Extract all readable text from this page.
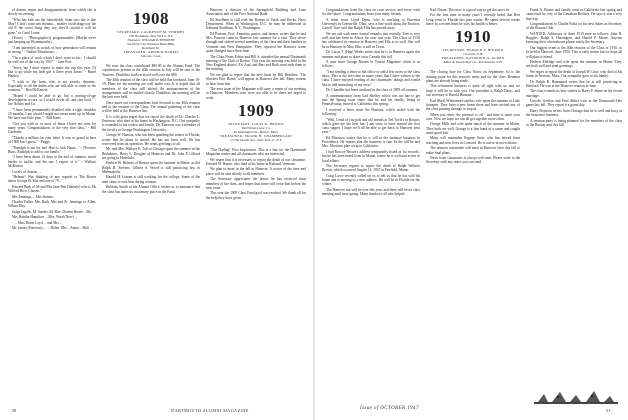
of dozens report and disappointment, from which she is slowly recovering.

"Who has kids are the Satterfields, from one; she is due May? I don't want any rheuma... mother tooth-drags-say the old P, the worst thing they say...they'll...would it will be gone." to Carol Lorne.

(Yours) ... "Photographicly programmable. (Maybe we're just keeping up Wormmonths).

"I am interested in switch of how generation will remain in wrong." - Nadine Moorhouse, ...

"On a place of work which I don't want to stir... I should be well out of the way by 1957." - Jane Pew.

"Sorry, but I don't expect to make the trip this year. I'd like to go while my little girl is three years home." - Hazel Hartley.

"I wish to the farm, who is not exactly dynamic. Especially to all the dudes who are still able to come to the reunions." - Ben McKenzie.

"Hoped I could be able to go, but a coming-of-age development occurs, so I would rustle all, and stay back." - Joe Nobles and Co.

"I have been permanently disabled with a right shoulder 10 months, I am afraid I might not mean meet up in Maine. We have one little pine." - Bill Jones.

"Got you with us or most of those I have not seen for many years. Congratulations to the very fine class." - Bill Gardener.

"Thanks a million for your letter. It was so grand to hear of 1908 but I guess." - Peggy.

"Rudolph is not for me! Had to Jack Hasse..." - Florence Butts. Rudolph to add to our family."

"I have been about 14 days at the end of summer, much harder to tackle, and the one I expect of it." - Wallace McBarron.

Lovely of dozens, ...

"Helmut? Was thinking of any regards to The Roster about George B. Kirt and one to 79..."

Edward Bark of 58 and Mrs Jane Ben Dabbs(e) who is Mr Wilfred Rice. Chosen."

Mrs Jennings ... Mrs Stomer.

Charles Fuller, Mrs Ruth, Mrs and Fr. Jennings to Allen, Wilma May.

Judge Ingalls, M. Sander, M. Bier, Doreen Horne... Mr...

Mrs Hamlin Hamilton ... Mrs. Ward (New) ...

- ... Miss Diane Loyd ... and Mrs...

Mr. James (Paterson) ... ... Helen. Mrs... Annie... Hall ...

1908
SECRETARY, LAURENCE M. SYMMES
100 Broadway, New York 5, N.Y.
Treasurer, WILLIAM P. KENNEDY
Six Point City National Bank Bldg.
Rockford, Ill.
TREASURER, ARTHUR HARRIS
Lincoln, Conn.

We trust the class contributed $90.00 to the Alumni Fund. The contributors present at the 40th reunion in July will be sent to the Trustees. Doubtless both received well over the $90.

The 40th reunion of the class will be held this weekend, June 18-19. Plans for the meeting are well under way. It is hoped that all members of the class will attend. An announcement of the arrangements will be mailed shortly. Doubtless the meeting will be the best ever held.

Once more our correspondents look forward to our 40th reunion and to the reunion of the Class. The annual gathering of the class will be held at the Hanover Inn.

It is with great regret that we report the death of Dr. Charles L. Emerson, who died at his home in Washington, D.C. Our sympathy is extended to his widow and family. Dr. Emerson was a member of the faculty at George Washington University.

George W. Hanson, who has been spending the winter in Florida, writes that he plans to attend. He has not been well. He has recovered from an operation. He sends greetings to all.

Mr. and Mrs. Wallace E. Taft of Chicago spent the summer in the Berkshires. Harry L. Douglas of Hanover and Dr. John P. Gilford are going to Honolulu.

Herbert W. Holmes of Boston spent the summer in Maine, as did Ralph B. Stevens. Gilbert S. Wood is still practicing law in Minneapolis.

Harold H. Lyman is still working for the college. Some of the men came to visit him during reunion.

Robbins Smith of the Alumni Office wishes us to announce that the class has taken its customary place in the Fund.

Hanover, a director of the Springfield Building and Loan Association and of the First National Bank.

Ed Stoelhum is still with the Bureau of Yards and Docks, Navy Department. When in Washington, D.C. he may be addressed as Edmund Stoelhum, N.Y., Washington.

Ed Parsons, Prof. Emeritus, pastor, and farmer, writes that he and Mrs. Parsons came to Hanover last summer for a visit. They drove through and visited several members of the class and their families in Vermont and New Hampshire. They reported the Hanover scene quite changed since their time.

The Class Notes Editor and Bill Jr. attended the annual Dartmouth meeting of the Club of Boston. This year the meeting was held in the New England district. Ed, Aud, and Bert and Ruth went with them to the meeting.

We are glad to report that the new book by Bill Beaulieu, 'The Shortest Way Home,' will appear in Hanover this fall. Many returns to hear from him.

The next issue of the Magazine will carry a report of our meeting in Hanover. Members who were not able to be there are urged to write.

1909
SECRETARY, LOUIS K. BROWN
Wall Street Lease Co.
40 Washington St., Boston, Mass.
TREASURER, FRANK H. CHAMBERLAIN
17 Dartmouth Ave., New York 17, N.Y.

"Our Darling" First Impression. This is a line for the Dartmouth Magazine reader and all classmates who are interested.

We regret that it is necessary to report the death of our classmate, Edward W. Hazen, who died at his home in Rutland, Vermont.

We plan to meet in the fall at Hanover. A notice of the time and place will be sent shortly to all members.

The Secretary appreciates the letters he has received from members of the class, and hopes that more will write him before the next issue.

This year the 1909 Class Fund goal was reached. We thank all for the help they have given.

Congratulations from the class on your service, and every wish for the future. Congratulations from your many friends.

A letter from Lloyd Dunn, who is teaching at Emerson University in Greenville, Ohio, says a fine word about the Rockies. Carroll Toye said that Ralph Ellis has passed away.

We are sad with more formal remarks just recently. Tom is very well and has been in Africa for over one year. The Class of 1910 has celebrated its reunion in Hanover and Ella is so well. She will be in Hanover in May. Ellis is still in Texas.

Dr. Lucas T. (Hap) Weeks writes that he is in Hanover again this summer and plans to drive on to Canada this fall.

A note from George Barnes in Tourist Magazine which is as follows:

"I am sending a letter to the office to add a few notes to the class news. This is the first time in many years that I have written to the class. I have enjoyed reading of my classmates' doings and would like to add something of my own."

Dr. Chandler has been confined to the class of 1905 all summer.

A communication from Carl Shelley which was too late to get into the Spring issue states that he and his family, living in Pennsylvania, moved to California this spring.

I received a letter from Art Boutons, which ended with the following:

"Well, I read of you pals and old friends at Ted Toyle's in Boston, which gave me the best fun. I am sorry to have missed the first class supper. I hope we'll all be able to get back to Hanover next year."

Ed Morrison writes that he is still in the furniture business in Providence. He reports that the business is fine. In the fall he and Mrs. Morrison plan a trip to California.

I had Roscoe Brown's address temporarily listed as 'no records', but he has been heard from in Maine, where he is well and active in local affairs.

The Secretary regrets to report the death of Ralph Webster Brown, which occurred August 14, 1947 at Fairfield, Maine.

Craig Lowe recently called on us to tell us that he has sold his home and is moving to a new address. He will be in Florida for the winter.

The Hanover fun will be over this year, and there will be no class meeting until next spring. Many thanks to all who helped.

Karl Nason. This note is a good way to get the news in.

For the first time in many years I recently heard that Bert Long went to Florida this past winter. He spent several weeks there. In a recent letter he says his health is better.

1910
SECRETARY, HAROLD P. HINMAN
Concord, N.H.
TREASURER, RAYMOND O. ALDEN
Alden & Trowbridge Co., Portsmouth, N.H.

The closing date for Class Notes on September 1st is the starting point for this season's notes and for the class. Reunion plans are already being made.

This retirement business is quite all right with us, and we hope it will be so with you. Our president is Ralph Davis, and our secretary is Harold Hinman.

Earl (Bud) Whittemore and his wife spent the summer at Lake Sunapee. They have a new home there and have invited any of the class passing through to stop in.

When you retire, the pressure is off - and time is more your own. Now we hope we can all get together more often.

George Mills and wife spent much of the summer in Maine. They both are well. George is a fine hand at a canoe and caught some good fish.

Many will remember Eugene Scott, who has retired from teaching and now lives in Concord. He is active in town affairs.

The reunion committee will meet in Hanover later this fall to make final plans.

News from classmates is always welcome. Please write to the Secretary with any notes you can send.

Frank A. Boone and family went to California last spring and came back by way of the Canadian Rockies. He says it was a very fine trip.

Congratulations to Charlie Parks on his new duties as Secretary of the Boston Club.

WANTED: Addresses of three 1910 men as follows: John R. Ruggles, Ralph S. Harrington, and Harold P. Morse. Anyone knowing their whereabouts please notify the Secretary.

Our biggest event is the 40th reunion of the Class of 1910, to be held in Hanover, June 1950. This is early notice but we hope all will plan to attend.

Herbert Eldridge and wife spent the summer in Maine. They are both well and send greetings.

We regret to report the death of Joseph W. Gray, who died at his home in Newton, Mass. Our sympathy goes to his family.

Dr. Ralph B. Hammond writes that he is still practicing in Hartford. He was at the Hanover reunion in June.

The class extends its best wishes to Harry P. Stone on his recent marriage.

Lincoln Gordon and Fred Abbot were at the Dartmouth-Yale game last fall. They report it a grand day.

Harry Boynton writes from Chicago that he is well and busy in the insurance business.

A reunion party is being planned for the members of the class in the Boston area this fall.

50	DARTMOUTH ALUMNI MAGAZINE	Issue of OCTOBER 1947	51
